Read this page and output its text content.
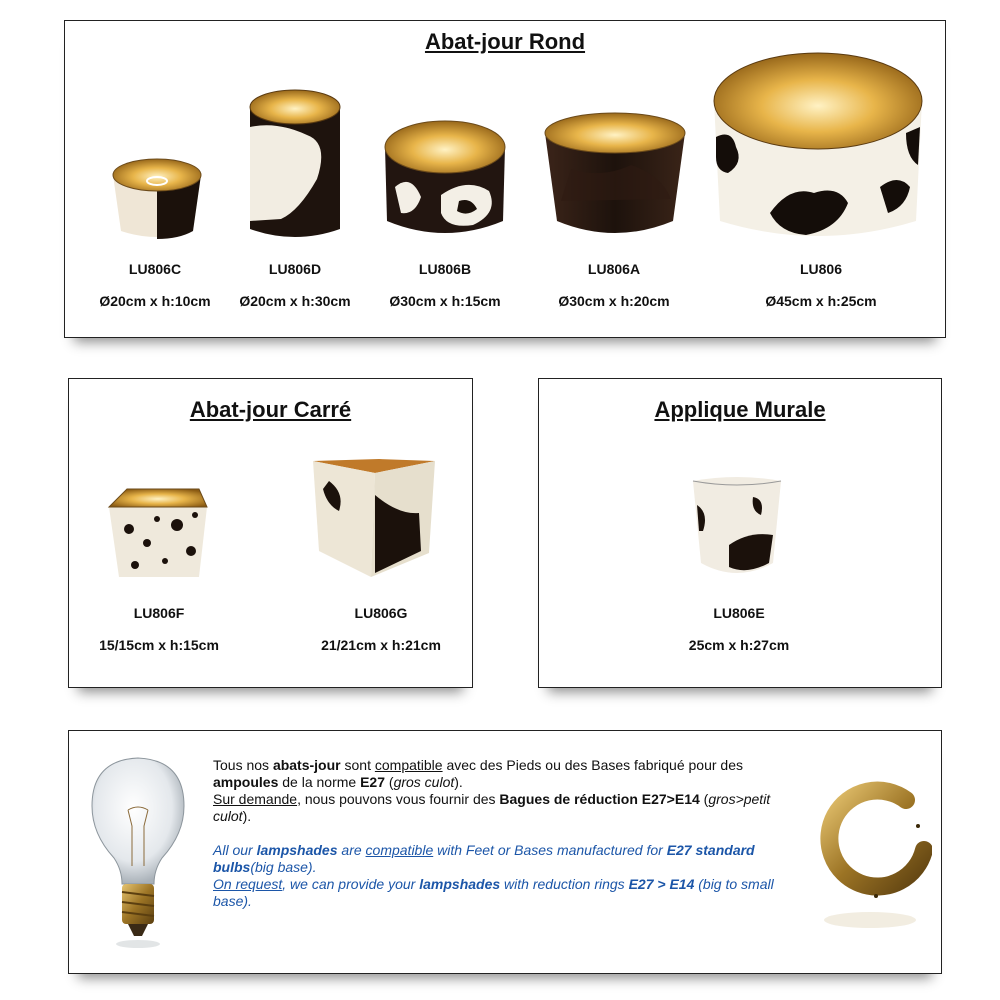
Abat-jour Rond
LU806C
Ø20cm x h:10cm
LU806D
Ø20cm x h:30cm
LU806B
Ø30cm x h:15cm
LU806A
Ø30cm x h:20cm
LU806
Ø45cm x h:25cm
Abat-jour Carré
LU806F
15/15cm x h:15cm
LU806G
21/21cm x h:21cm
Applique Murale
LU806E
25cm x h:27cm

Tous nos abats-jour sont compatible avec des Pieds ou des Bases fabriqué pour des ampoules de la norme E27 (gros culot).

Sur demande, nous pouvons vous fournir des Bagues de réduction E27>E14 (gros>petit culot).

All our lampshades are compatible with Feet or Bases manufactured for E27 standard bulbs(big base).

On request, we can provide your lampshades with reduction rings E27 > E14 (big to small base).
